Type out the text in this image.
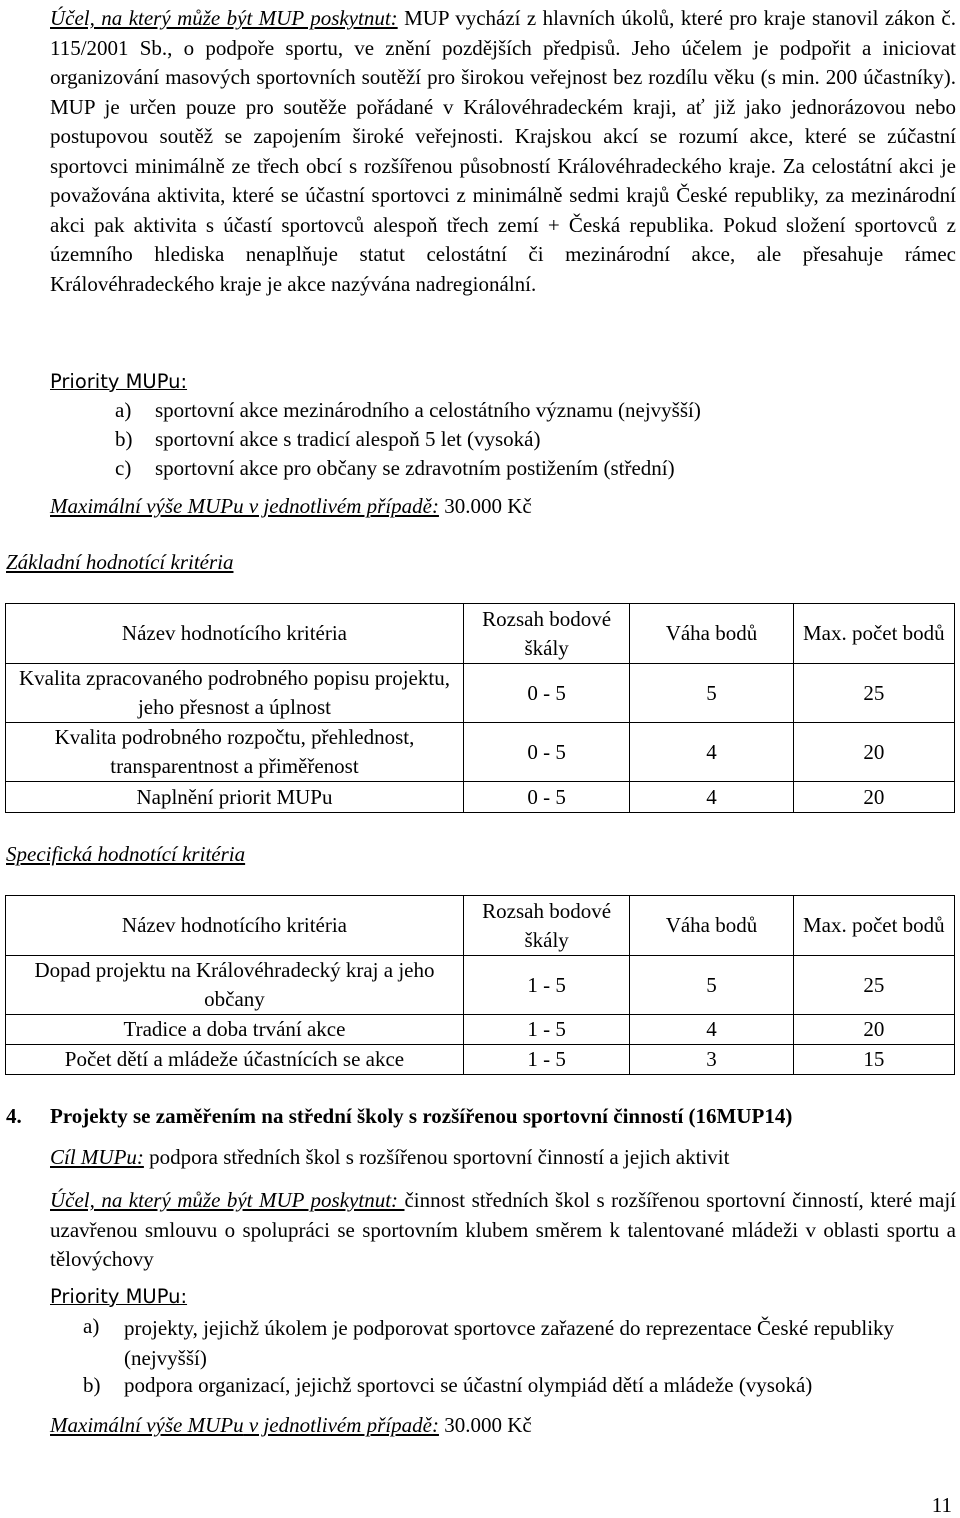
Účel, na který může být MUP poskytnut: MUP vychází z hlavních úkolů, které pro kraje stanovil zákon č. 115/2001 Sb., o podpoře sportu, ve znění pozdějších předpisů. Jeho účelem je podpořit a iniciovat organizování masových sportovních soutěží pro širokou veřejnost bez rozdílu věku (s min. 200 účastníky). MUP je určen pouze pro soutěže pořádané v Královéhradeckém kraji, ať již jako jednorázovou nebo postupovou soutěž se zapojením široké veřejnosti. Krajskou akcí se rozumí akce, které se zúčastní sportovci minimálně ze třech obcí s rozšířenou působností Královéhradeckého kraje. Za celostátní akci je považována aktivita, které se účastní sportovci z minimálně sedmi krajů České republiky, za mezinárodní akci pak aktivita s účastí sportovců alespoň třech zemí + Česká republika. Pokud složení sportovců z územního hlediska nenaplňuje statut celostátní či mezinárodní akce, ale přesahuje rámec Královéhradeckého kraje je akce nazývána nadregionální.

Priority MUPu:

a) sportovní akce mezinárodního a celostátního významu (nejvyšší)
b) sportovní akce s tradicí alespoň 5 let (vysoká)
c) sportovní akce pro občany se zdravotním postižením (střední)

Maximální výše MUPu v jednotlivém případě: 30.000 Kč

Základní hodnotící kritéria

Název hodnotícího kritéria	Rozsah bodové škály	Váha bodů	Max. počet bodů
Kvalita zpracovaného podrobného popisu projektu, jeho přesnost a úplnost	0 - 5	5	25
Kvalita podrobného rozpočtu, přehlednost, transparentnost a přiměřenost	0 - 5	4	20
Naplnění priorit MUPu	0 - 5	4	20

Specifická hodnotící kritéria

Název hodnotícího kritéria	Rozsah bodové škály	Váha bodů	Max. počet bodů
Dopad projektu na Královéhradecký kraj a jeho občany	1 - 5	5	25
Tradice a doba trvání akce	1 - 5	4	20
Počet dětí a mládeže účastnících se akce	1 - 5	3	15

4. Projekty se zaměřením na střední školy s rozšířenou sportovní činností (16MUP14)

Cíl MUPu: podpora středních škol s rozšířenou sportovní činností a jejich aktivit

Účel, na který může být MUP poskytnut: činnost středních škol s rozšířenou sportovní činností, které mají uzavřenou smlouvu o spolupráci se sportovním klubem směrem k talentované mládeži v oblasti sportu a tělovýchovy

Priority MUPu:

a) projekty, jejichž úkolem je podporovat sportovce zařazené do reprezentace České republiky (nejvyšší)
b) podpora organizací, jejichž sportovci se účastní olympiád dětí a mládeže (vysoká)

Maximální výše MUPu v jednotlivém případě: 30.000 Kč

11
